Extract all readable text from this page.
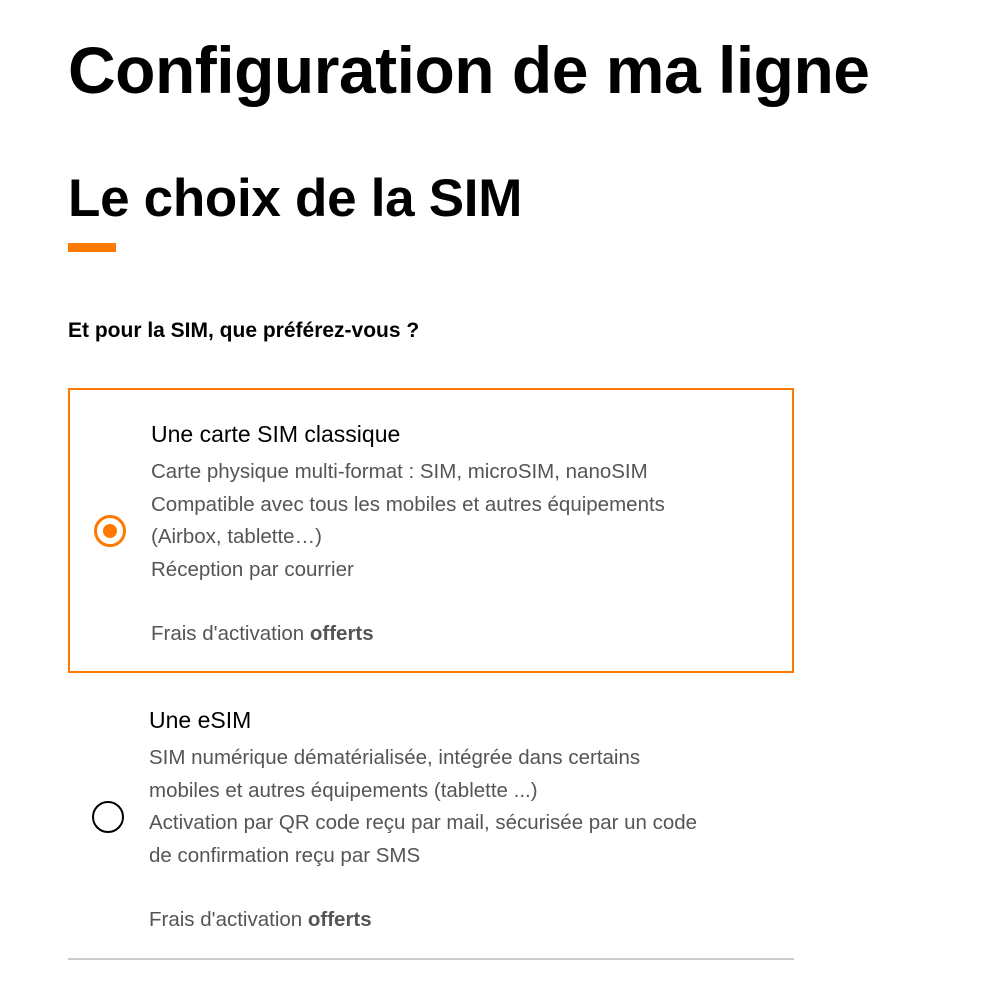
Configuration de ma ligne
Le choix de la SIM

Et pour la SIM, que préférez-vous ?

Une carte SIM classique
Carte physique multi-format : SIM, microSIM, nanoSIM
Compatible avec tous les mobiles et autres équipements
(Airbox, tablette…)
Réception par courrier
Frais d'activation offerts
Une eSIM
SIM numérique dématérialisée, intégrée dans certains
mobiles et autres équipements (tablette ...)
Activation par QR code reçu par mail, sécurisée par un code
de confirmation reçu par SMS
Frais d'activation offerts
